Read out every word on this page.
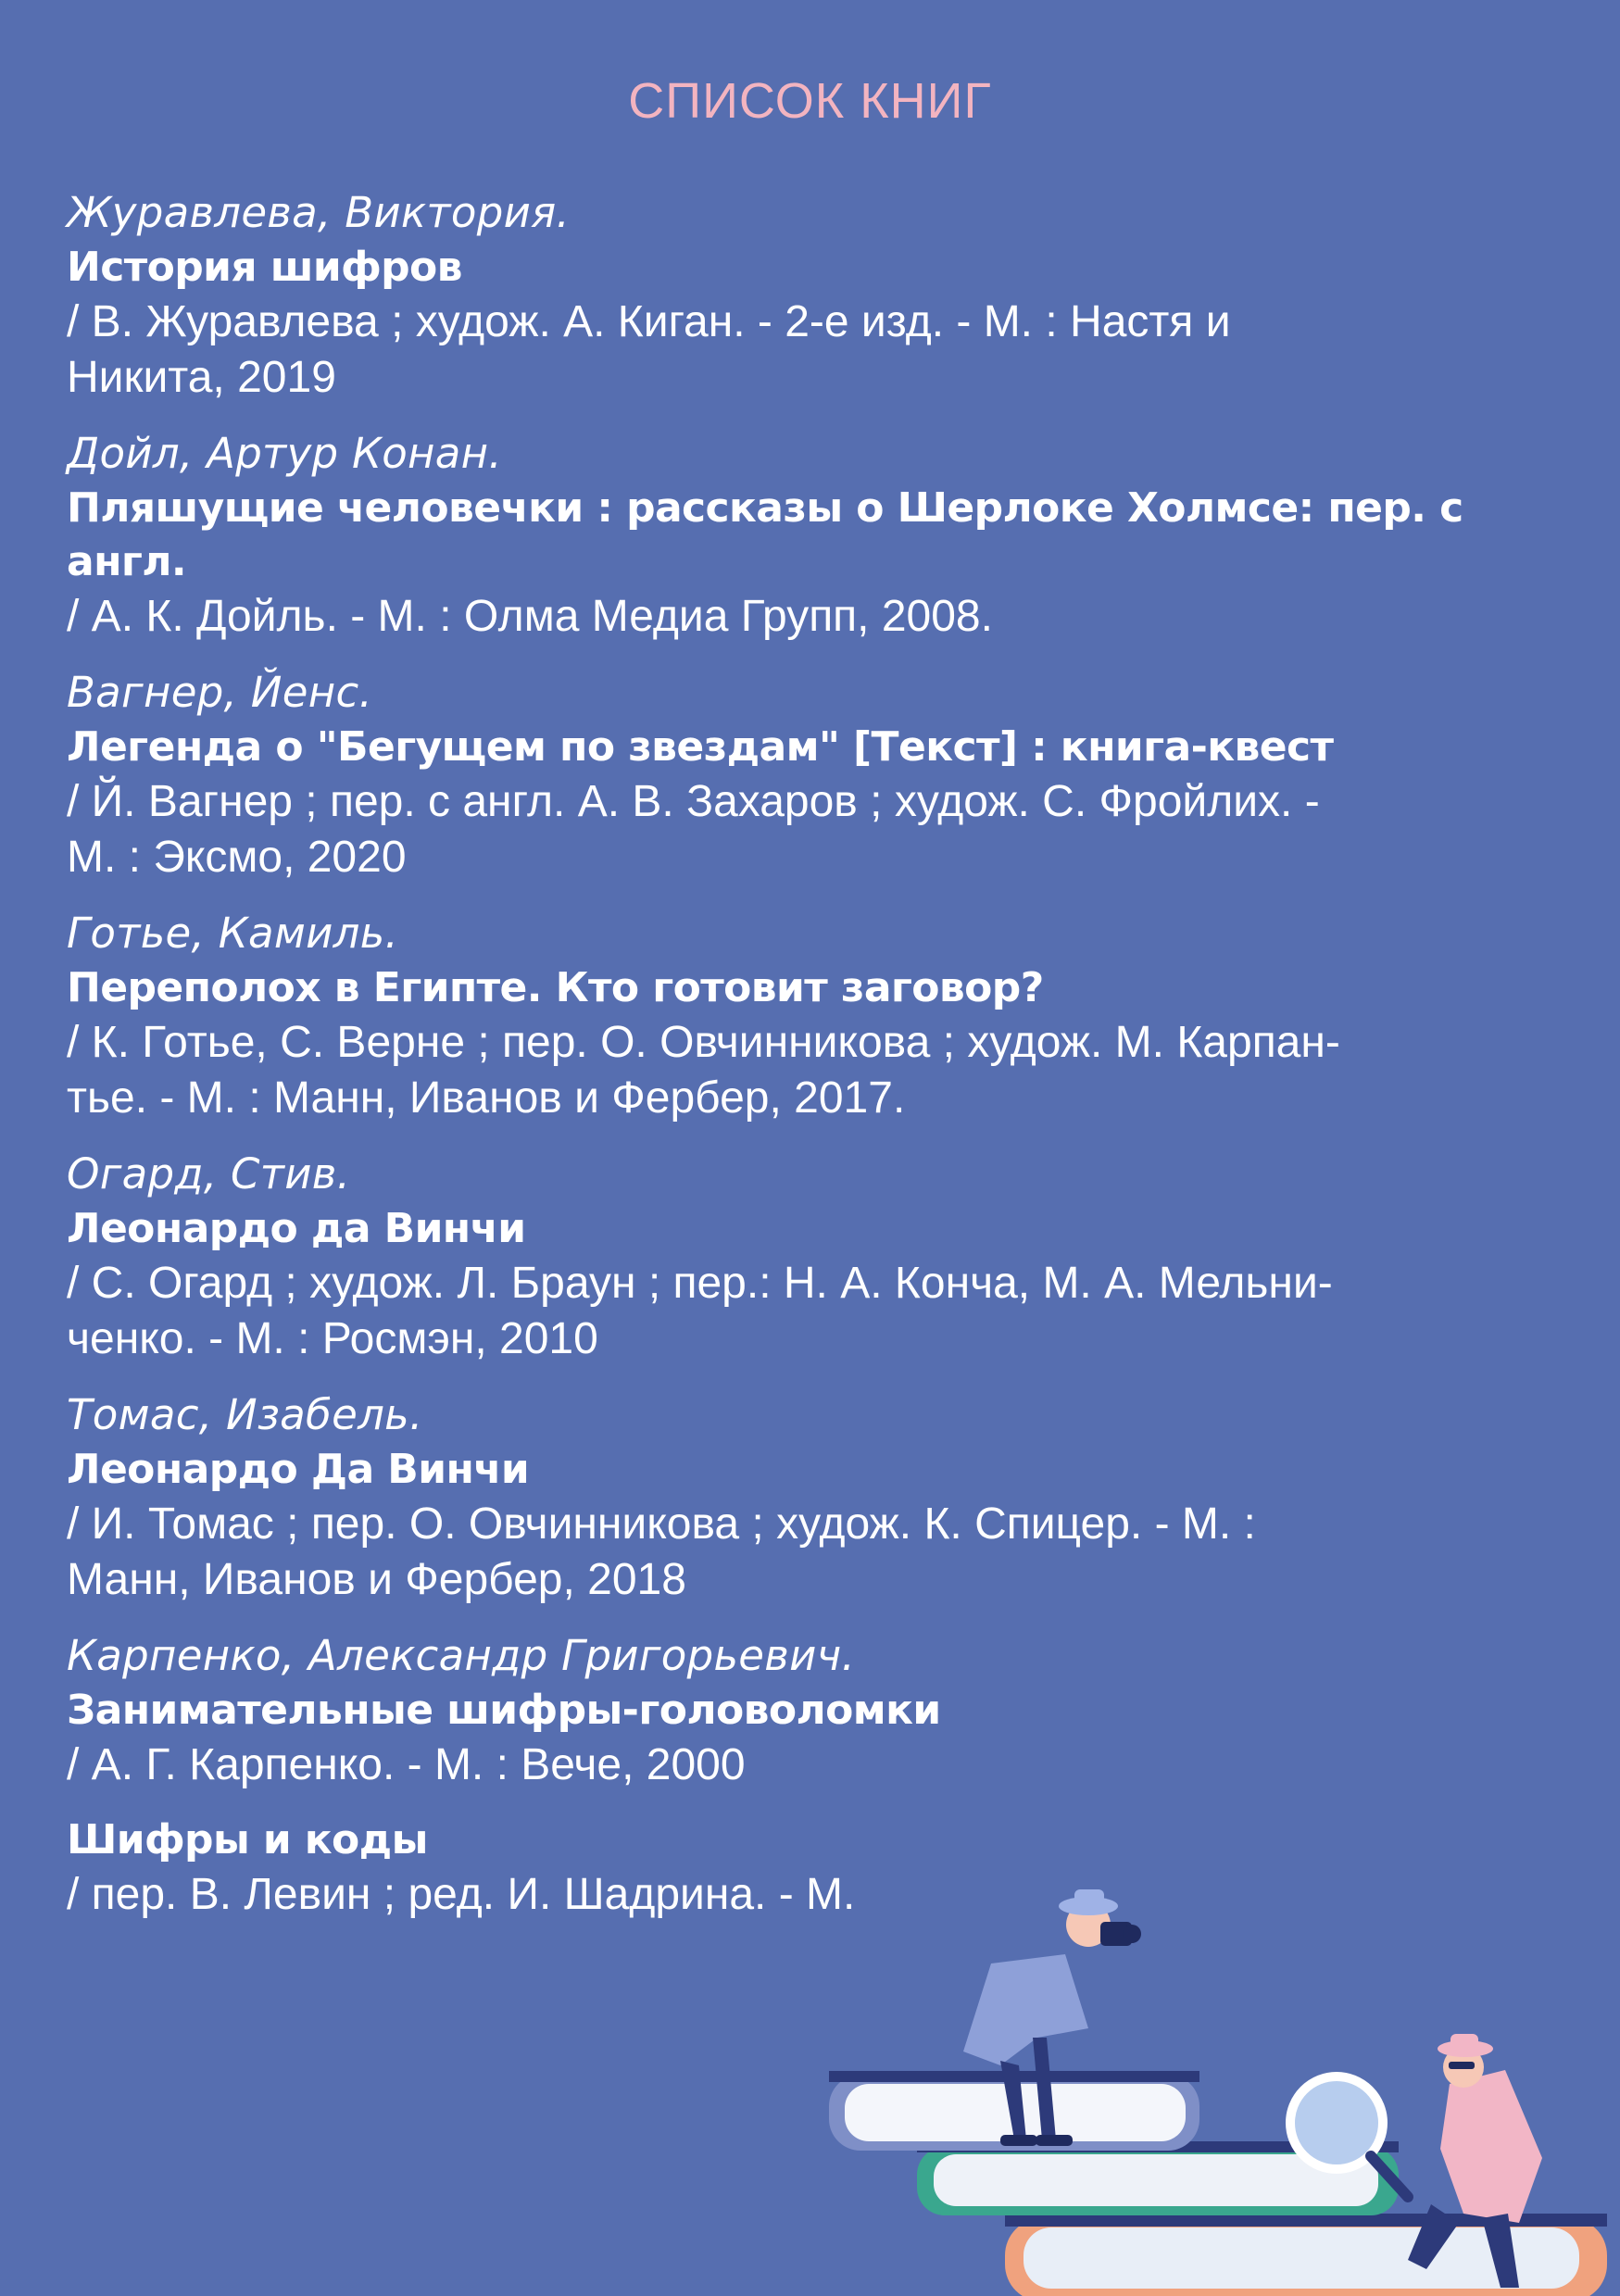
СПИСОК КНИГ
Журавлева, Виктория.
История шифров
/ В. Журавлева ; худож. А. Киган. - 2-е изд. - М. : Настя и
Никита, 2019
Дойл, Артур Конан.
Пляшущие человечки : рассказы о Шерлоке Холмсе: пер. с англ.
/ А. К. Дойль. - М. : Олма Медиа Групп, 2008.
Вагнер, Йенс.
Легенда о "Бегущем по звездам" [Текст] : книга-квест
/ Й. Вагнер ; пер. с англ. А. В. Захаров ; худож. С. Фройлих. -
М. : Эксмо, 2020
Готье, Камиль.
Переполох в Египте. Кто готовит заговор?
/ К. Готье, С. Верне ; пер. О. Овчинникова ; худож. М. Карпан-
тье. - М. : Манн, Иванов и Фербер, 2017.
Огард, Стив.
Леонардо да Винчи
/ С. Огард ; худож. Л. Браун ; пер.: Н. А. Конча, М. А. Мельни-
ченко. - М. : Росмэн, 2010
Томас, Изабель.
Леонардо Да Винчи
/ И. Томас ; пер. О. Овчинникова ; худож. К. Спицер. - М. :
Манн, Иванов и Фербер, 2018
Карпенко, Александр Григорьевич.
Занимательные шифры-головоломки
/ А. Г. Карпенко. - М. : Вече, 2000
Шифры и коды
/ пер. В. Левин ; ред. И. Шадрина. - М.
